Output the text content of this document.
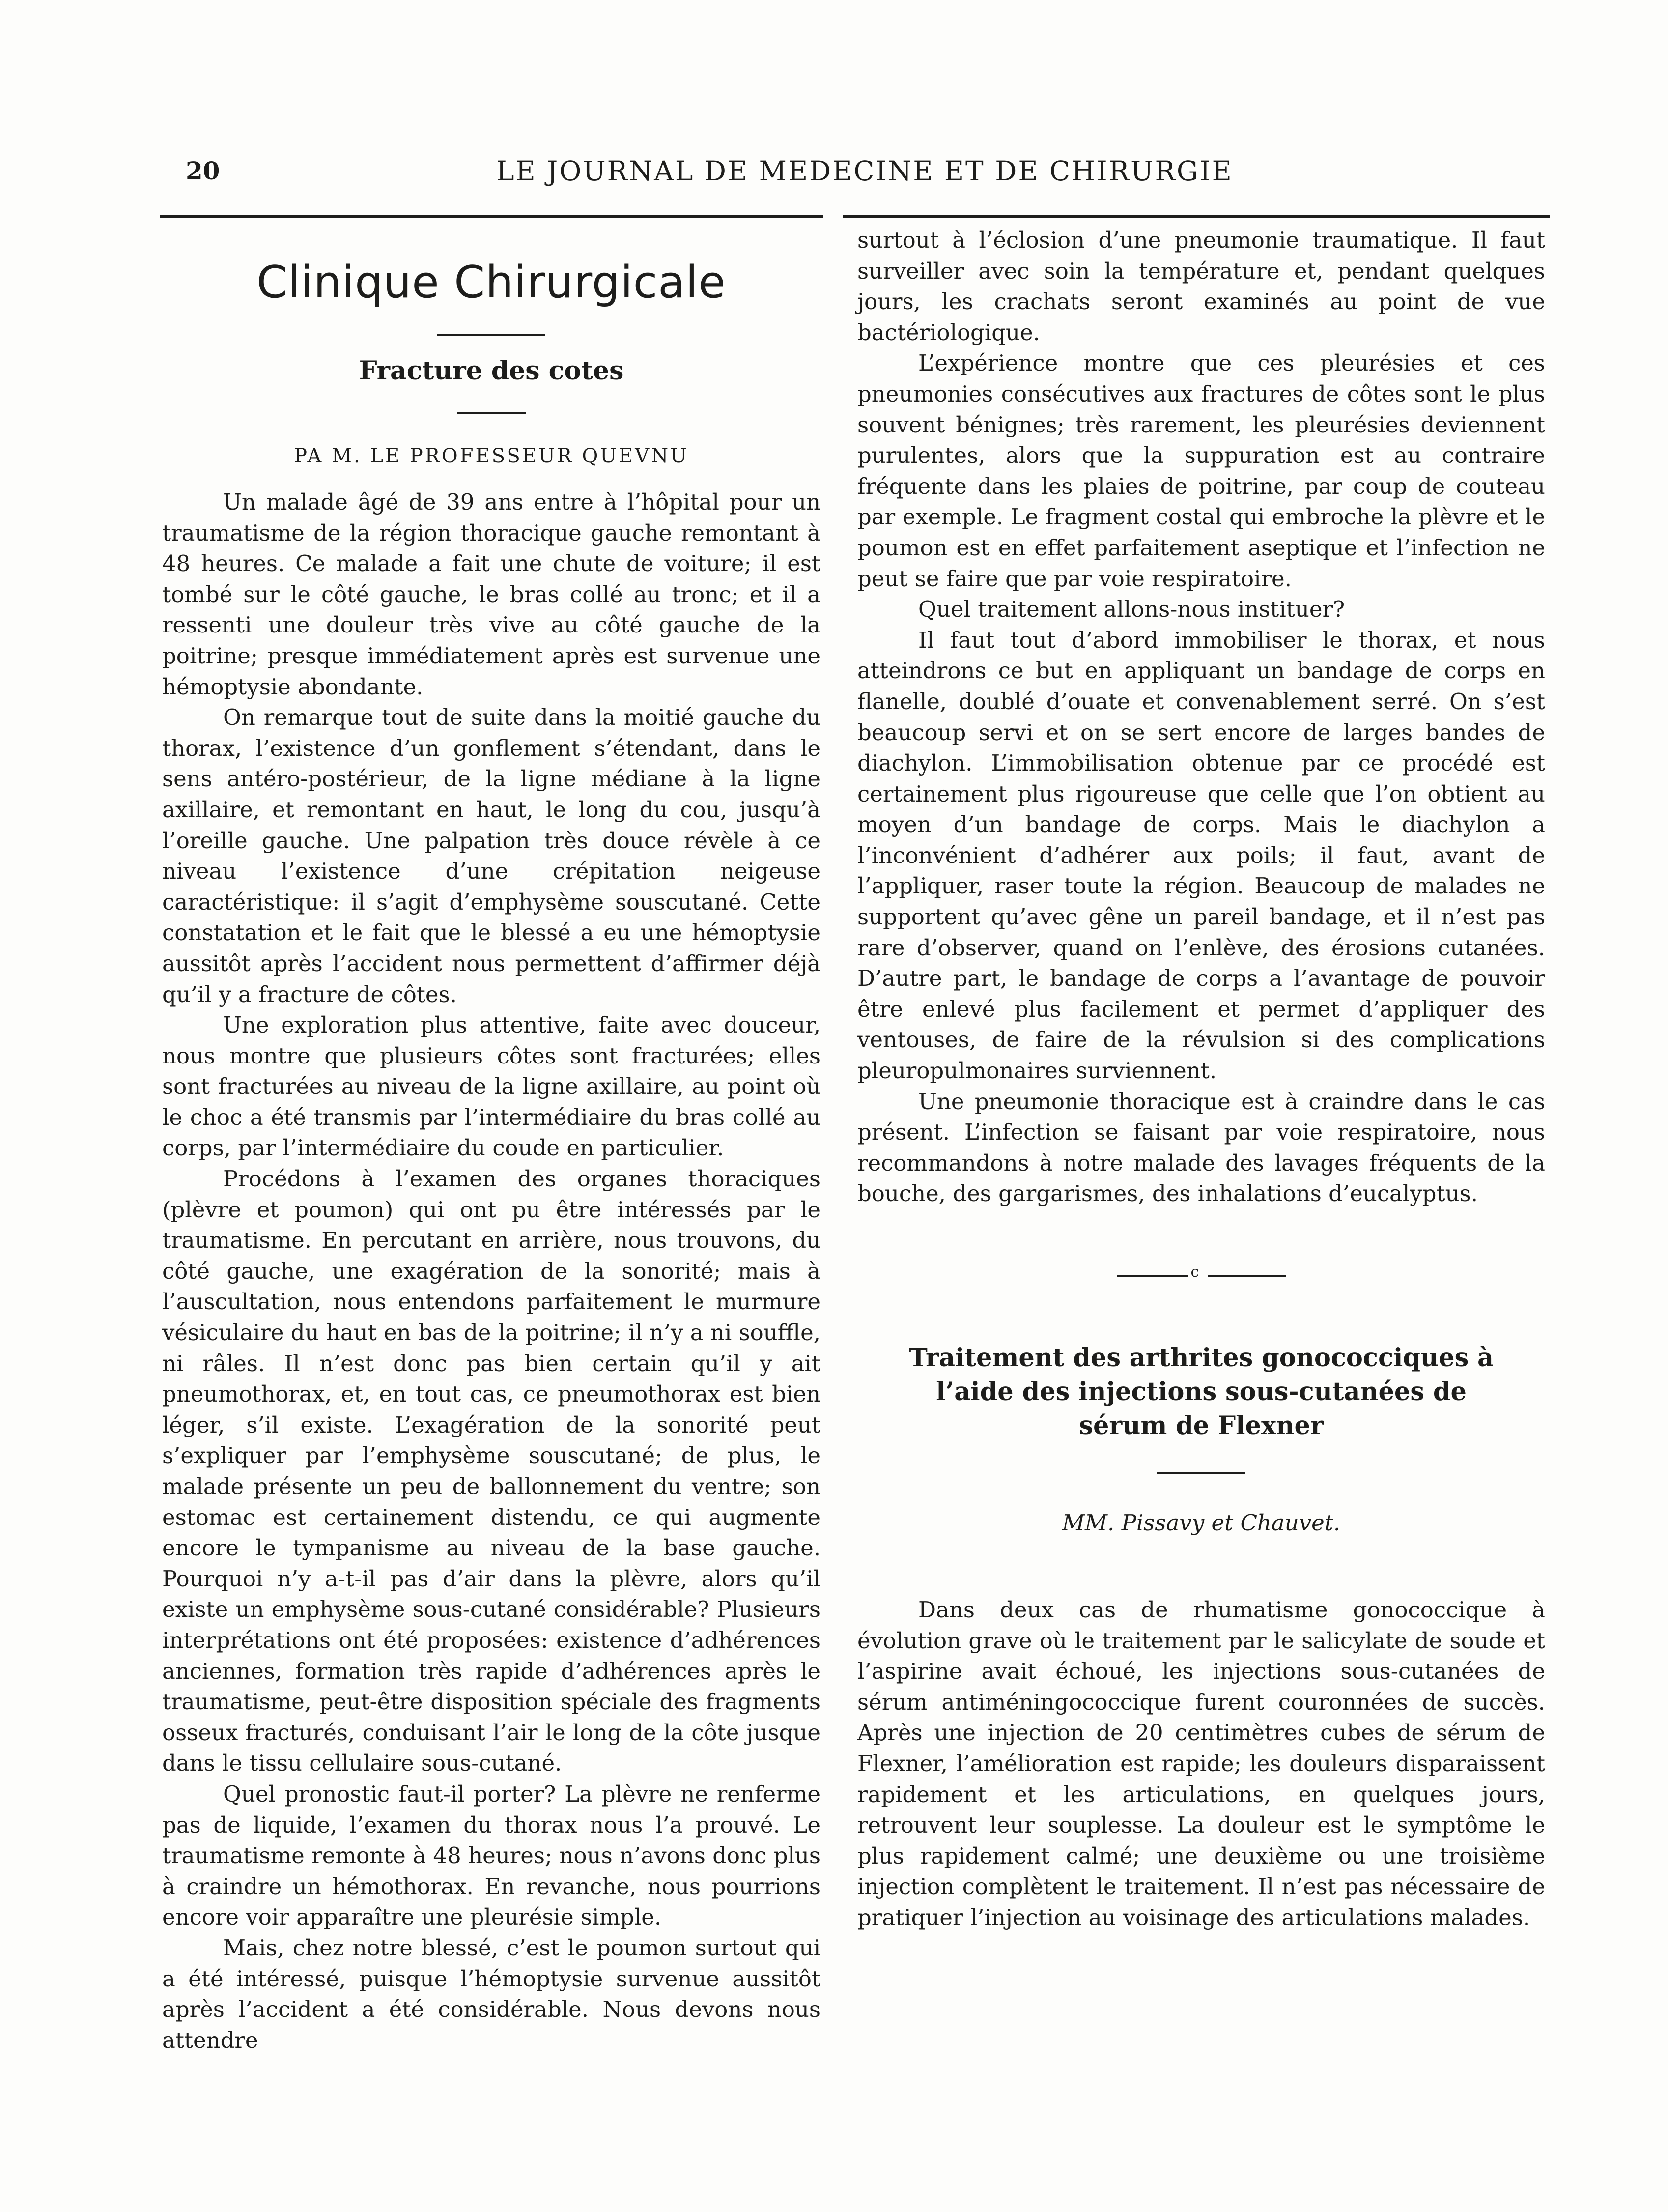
20	LE JOURNAL DE MEDECINE ET DE CHIRURGIE
Clinique Chirurgicale
Fracture des cotes
PA M. LE PROFESSEUR QUEVNU

Un malade âgé de 39 ans entre à l’hôpital pour un traumatisme de la région thoracique gauche remontant à 48 heures. Ce malade a fait une chute de voiture; il est tombé sur le côté gauche, le bras collé au tronc; et il a ressenti une douleur très vive au côté gauche de la poitrine; presque immédiatement après est survenue une hémoptysie abondante.

On remarque tout de suite dans la moitié gauche du thorax, l’existence d’un gonflement s’étendant, dans le sens antéro-postérieur, de la ligne médiane à la ligne axillaire, et remontant en haut, le long du cou, jusqu’à l’oreille gauche. Une palpation très douce révèle à ce niveau l’existence d’une crépitation neigeuse caractéristique: il s’agit d’emphysème souscutané. Cette constatation et le fait que le blessé a eu une hémoptysie aussitôt après l’accident nous permettent d’affirmer déjà qu’il y a fracture de côtes.

Une exploration plus attentive, faite avec douceur, nous montre que plusieurs côtes sont fracturées; elles sont fracturées au niveau de la ligne axillaire, au point où le choc a été transmis par l’intermédiaire du bras collé au corps, par l’intermédiaire du coude en particulier.

Procédons à l’examen des organes thoraciques (plèvre et poumon) qui ont pu être intéressés par le traumatisme. En percutant en arrière, nous trouvons, du côté gauche, une exagération de la sonorité; mais à l’auscultation, nous entendons parfaitement le murmure vésiculaire du haut en bas de la poitrine; il n’y a ni souffle, ni râles. Il n’est donc pas bien certain qu’il y ait pneumothorax, et, en tout cas, ce pneumothorax est bien léger, s’il existe. L’exagération de la sonorité peut s’expliquer par l’emphysème souscutané; de plus, le malade présente un peu de ballonnement du ventre; son estomac est certainement distendu, ce qui augmente encore le tympanisme au niveau de la base gauche. Pourquoi n’y a-t-il pas d’air dans la plèvre, alors qu’il existe un emphysème sous-cutané considérable? Plusieurs interprétations ont été proposées: existence d’adhérences anciennes, formation très rapide d’adhérences après le traumatisme, peut-être disposition spéciale des fragments osseux fracturés, conduisant l’air le long de la côte jusque dans le tissu cellulaire sous-cutané.

Quel pronostic faut-il porter? La plèvre ne renferme pas de liquide, l’examen du thorax nous l’a prouvé. Le traumatisme remonte à 48 heures; nous n’avons donc plus à craindre un hémothorax. En revanche, nous pourrions encore voir apparaître une pleurésie simple.

Mais, chez notre blessé, c’est le poumon surtout qui a été intéressé, puisque l’hémoptysie survenue aussitôt après l’accident a été considérable. Nous devons nous attendre

surtout à l’éclosion d’une pneumonie traumatique. Il faut surveiller avec soin la température et, pendant quelques jours, les crachats seront examinés au point de vue bactériologique.

L’expérience montre que ces pleurésies et ces pneumonies consécutives aux fractures de côtes sont le plus souvent bénignes; très rarement, les pleurésies deviennent purulentes, alors que la suppuration est au contraire fréquente dans les plaies de poitrine, par coup de couteau par exemple. Le fragment costal qui embroche la plèvre et le poumon est en effet parfaitement aseptique et l’infection ne peut se faire que par voie respiratoire.

Quel traitement allons-nous instituer?

Il faut tout d’abord immobiliser le thorax, et nous atteindrons ce but en appliquant un bandage de corps en flanelle, doublé d’ouate et convenablement serré. On s’est beaucoup servi et on se sert encore de larges bandes de diachylon. L’immobilisation obtenue par ce procédé est certainement plus rigoureuse que celle que l’on obtient au moyen d’un bandage de corps. Mais le diachylon a l’inconvénient d’adhérer aux poils; il faut, avant de l’appliquer, raser toute la région. Beaucoup de malades ne supportent qu’avec gêne un pareil bandage, et il n’est pas rare d’observer, quand on l’enlève, des érosions cutanées. D’autre part, le bandage de corps a l’avantage de pouvoir être enlevé plus facilement et permet d’appliquer des ventouses, de faire de la révulsion si des complications pleuropulmonaires surviennent.

Une pneumonie thoracique est à craindre dans le cas présent. L’infection se faisant par voie respiratoire, nous recommandons à notre malade des lavages fréquents de la bouche, des gargarismes, des inhalations d’eucalyptus.

c
Traitement des arthrites gonococciques à
l’aide des injections sous-cutanées de
sérum de Flexner
MM. Pissavy et Chauvet.

Dans deux cas de rhumatisme gonococcique à évolution grave où le traitement par le salicylate de soude et l’aspirine avait échoué, les injections sous-cutanées de sérum antiméningococcique furent couronnées de succès. Après une injection de 20 centimètres cubes de sérum de Flexner, l’amélioration est rapide; les douleurs disparaissent rapidement et les articulations, en quelques jours, retrouvent leur souplesse. La douleur est le symptôme le plus rapidement calmé; une deuxième ou une troisième injection complètent le traitement. Il n’est pas nécessaire de pratiquer l’injection au voisinage des articulations malades.
